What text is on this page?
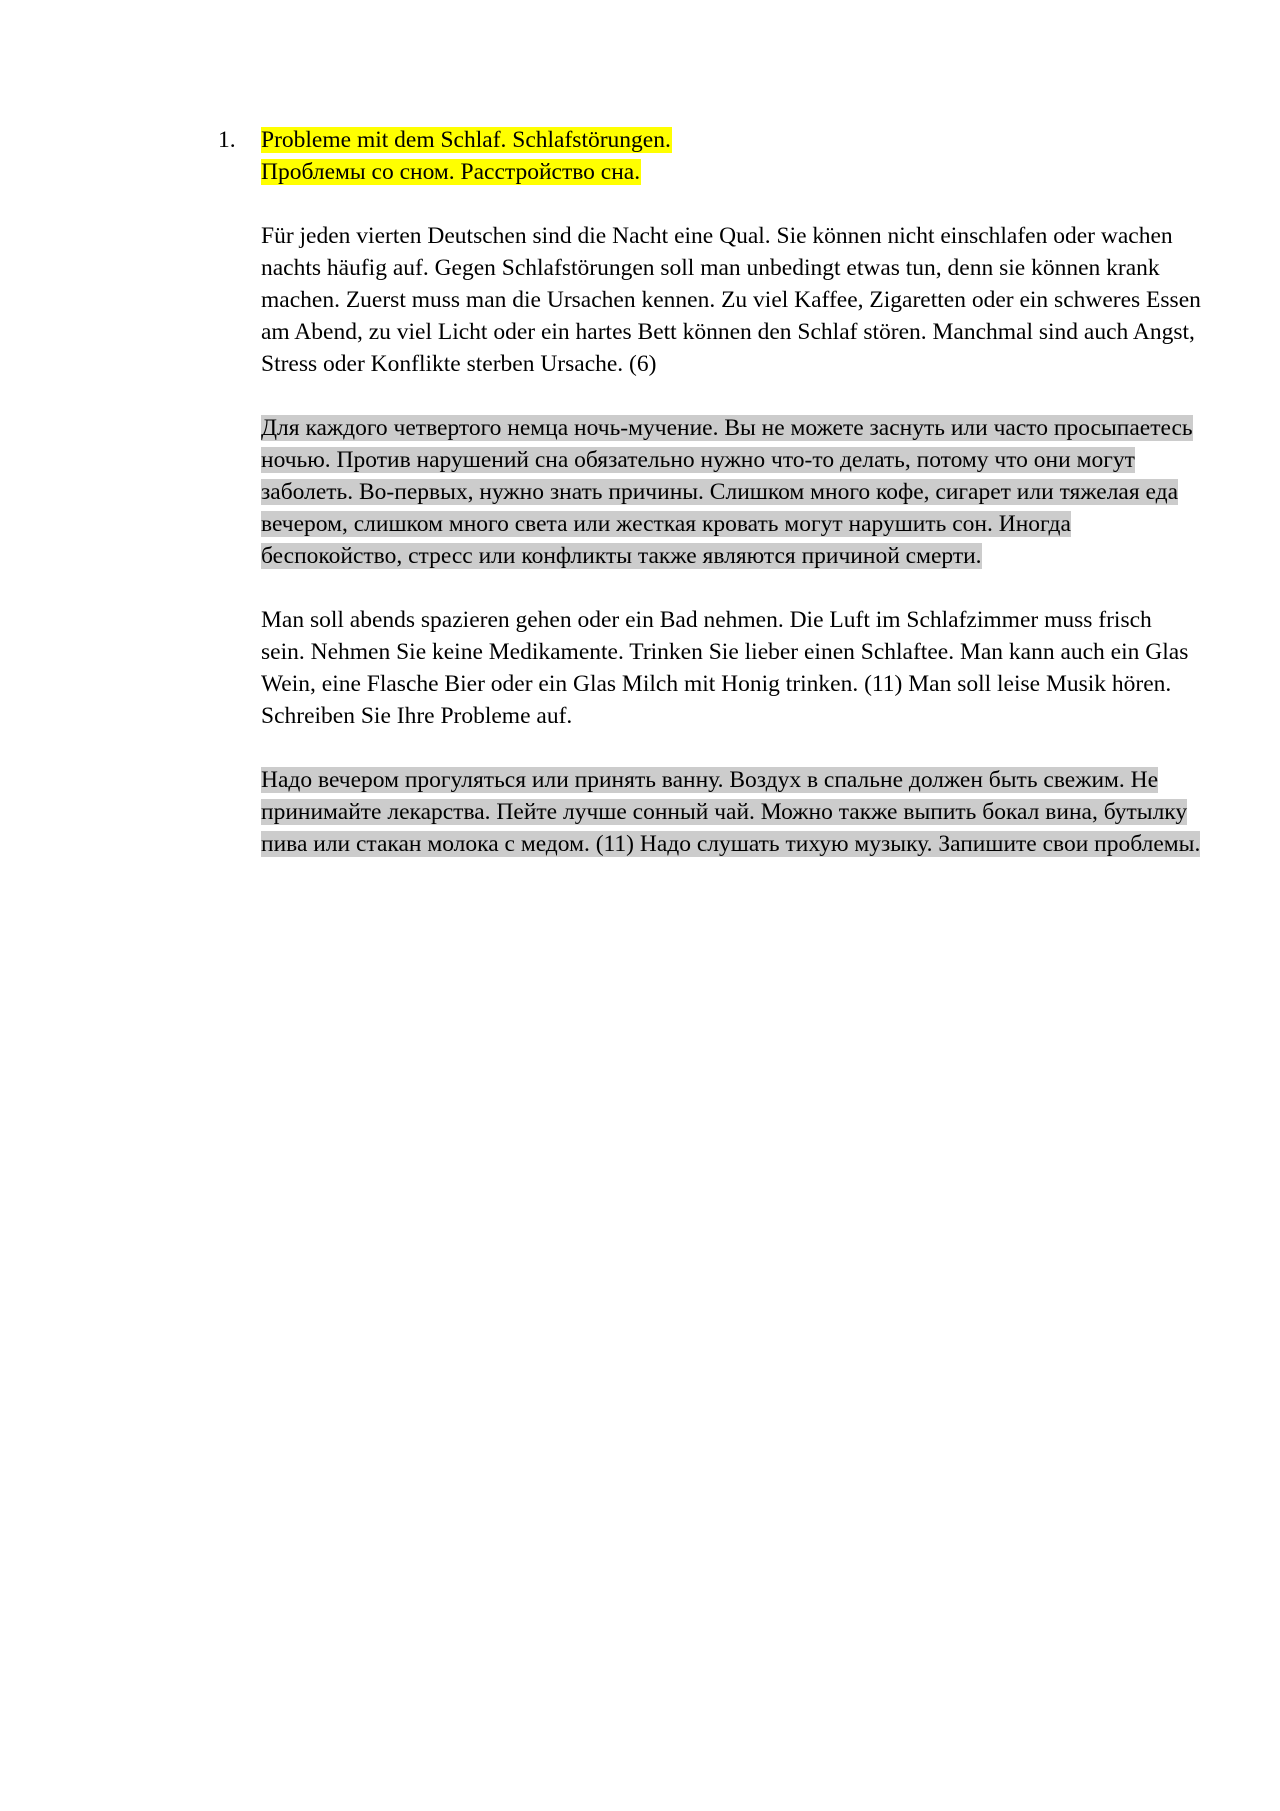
1. Probleme mit dem Schlaf. Schlafstörungen.
Проблемы со сном. Расстройство сна.

Für jeden vierten Deutschen sind die Nacht eine Qual. Sie können nicht einschlafen oder wachen nachts häufig auf. Gegen Schlafstörungen soll man unbedingt etwas tun, denn sie können krank machen. Zuerst muss man die Ursachen kennen. Zu viel Kaffee, Zigaretten oder ein schweres Essen am Abend, zu viel Licht oder ein hartes Bett können den Schlaf stören. Manchmal sind auch Angst, Stress oder Konflikte sterben Ursache. (6)

Для каждого четвертого немца ночь-мучение. Вы не можете заснуть или часто просыпаетесь ночью. Против нарушений сна обязательно нужно что-то делать, потому что они могут заболеть. Во-первых, нужно знать причины. Слишком много кофе, сигарет или тяжелая еда вечером, слишком много света или жесткая кровать могут нарушить сон. Иногда беспокойство, стресс или конфликты также являются причиной смерти.

Man soll abends spazieren gehen oder ein Bad nehmen. Die Luft im Schlafzimmer muss frisch sein. Nehmen Sie keine Medikamente. Trinken Sie lieber einen Schlaftee. Man kann auch ein Glas Wein, eine Flasche Bier oder ein Glas Milch mit Honig trinken. (11) Man soll leise Musik hören. Schreiben Sie Ihre Probleme auf.

Надо вечером прогуляться или принять ванну. Воздух в спальне должен быть свежим. Не принимайте лекарства. Пейте лучше сонный чай. Можно также выпить бокал вина, бутылку пива или стакан молока с медом. (11) Надо слушать тихую музыку. Запишите свои проблемы.
